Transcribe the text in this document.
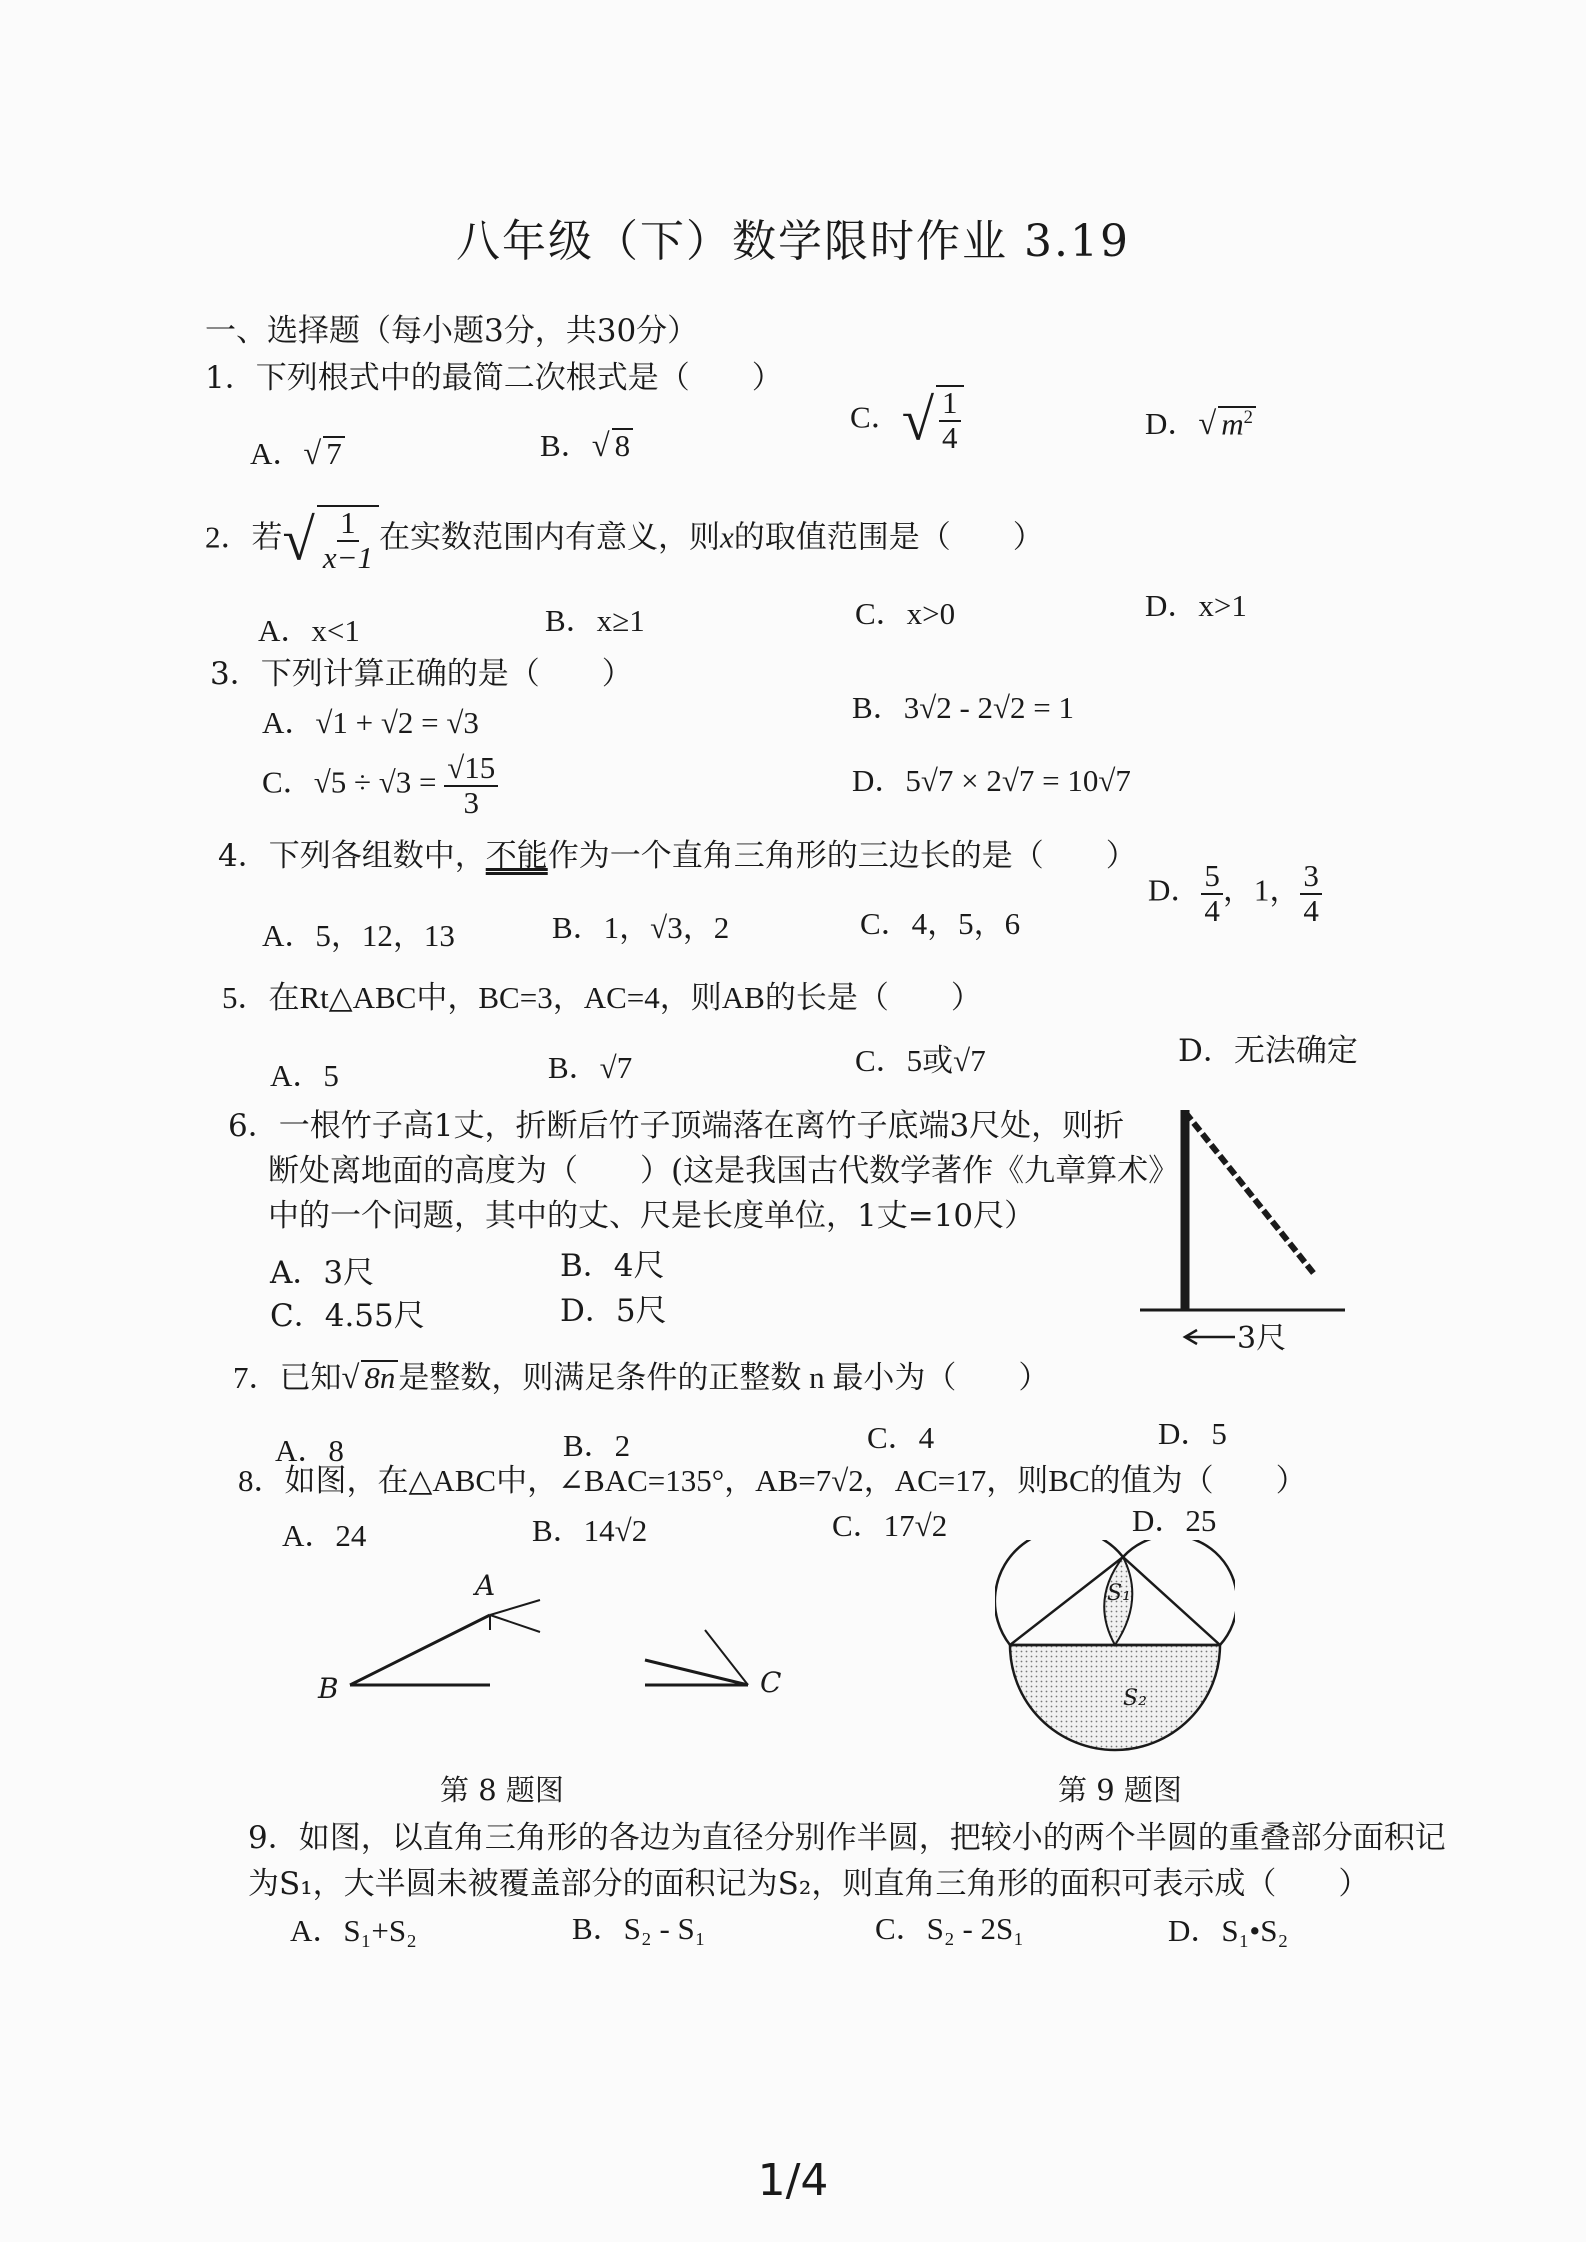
八年级（下）数学限时作业 3.19
一、选择题（每小题3分，共30分）
1．下列根式中的最简二次根式是（　　）
A．√ 7	B．√ 8
C．√ $\frac{1}{4}$	D．√ $m^2$
2．若√ $\frac{1}{x-1}$ 在实数范围内有意义，则x的取值范围是（　　）
A．x<1	B．x≥1	C．x>0	D．x>1
3．下列计算正确的是（　　）
A．√1 + √2 = √3	B．3√2 - 2√2 = 1
C．$√5 \div √3 = \frac{√15}{3}$	D．5√7 × 2√7 = 10√7
4．下列各组数中，不能作为一个直角三角形的三边长的是（　　）
A．5，12，13	B．1，√3，2	C．4，5，6
D． $\frac{5}{4}$ ，1， $\frac{3}{4}$
5．在Rt△ABC中，BC=3，AC=4，则AB的长是（　　）
A．5	B．√7	C．5或√7	D．无法确定
6．一根竹子高1丈，折断后竹子顶端落在离竹子底端3尺处，则折
断处离地面的高度为（　　）(这是我国古代数学著作《九章算术》
中的一个问题，其中的丈、尺是长度单位，1丈=10尺）
A．3尺	B．4尺
C．4.55尺	D．5尺
3尺
7．已知√ 8n是整数，则满足条件的正整数 n 最小为（　　）
A．8	B．2	C．4	D．5
8．如图，在△ABC中，∠BAC=135°，AB=7√2，AC=17，则BC的值为（　　）
A．24	B．14√2	C．17√2	D．25
A
B	C
第 8 题图
S₁
S₂
第 9 题图
9．如图，以直角三角形的各边为直径分别作半圆，把较小的两个半圆的重叠部分面积记
为S₁，大半圆未被覆盖部分的面积记为S₂，则直角三角形的面积可表示成（　　）
A．S₁+S₂	B．S₂ - S₁	C．S₂ - 2S₁	D．S₁•S₂
1/4
